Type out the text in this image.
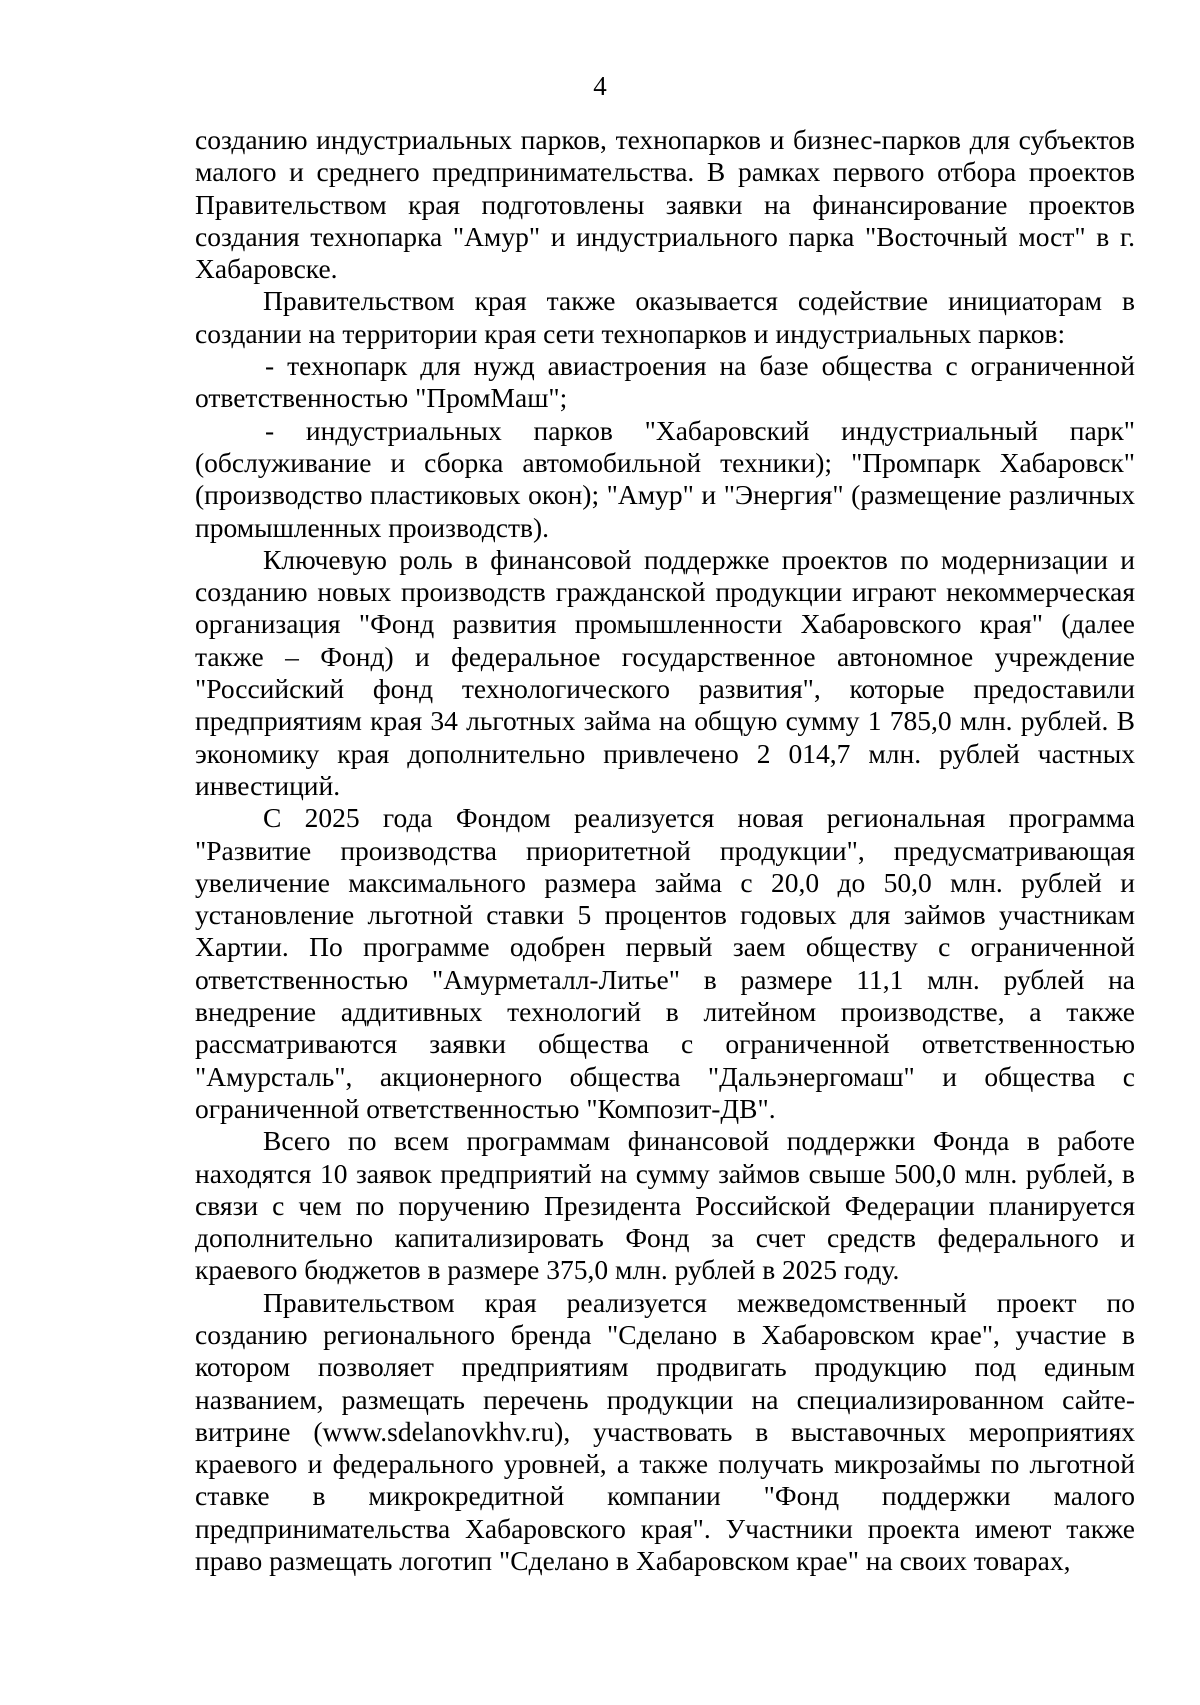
4

созданию индустриальных парков, технопарков и бизнес-парков для субъектов малого и среднего предпринимательства. В рамках первого отбора проектов Правительством края подготовлены заявки на финансирование проектов создания технопарка "Амур" и индустриального парка "Восточный мост" в г. Хабаровске.

Правительством края также оказывается содействие инициаторам в создании на территории края сети технопарков и индустриальных парков:

- технопарк для нужд авиастроения на базе общества с ограниченной ответственностью "ПромМаш";

- индустриальных парков "Хабаровский индустриальный парк" (обслуживание и сборка автомобильной техники); "Промпарк Хабаровск" (производство пластиковых окон); "Амур" и "Энергия" (размещение различных промышленных производств).

Ключевую роль в финансовой поддержке проектов по модернизации и созданию новых производств гражданской продукции играют некоммерческая организация "Фонд развития промышленности Хабаровского края" (далее также – Фонд) и федеральное государственное автономное учреждение "Российский фонд технологического развития", которые предоставили предприятиям края 34 льготных займа на общую сумму 1 785,0 млн. рублей. В экономику края дополнительно привлечено 2 014,7 млн. рублей частных инвестиций.

С 2025 года Фондом реализуется новая региональная программа "Развитие производства приоритетной продукции", предусматривающая увеличение максимального размера займа с 20,0 до 50,0 млн. рублей и установление льготной ставки 5 процентов годовых для займов участникам Хартии. По программе одобрен первый заем обществу с ограниченной ответственностью "Амурметалл-Литье" в размере 11,1 млн. рублей на внедрение аддитивных технологий в литейном производстве, а также рассматриваются заявки общества с ограниченной ответственностью "Амурсталь", акционерного общества "Дальэнергомаш" и общества с ограниченной ответственностью "Композит-ДВ".

Всего по всем программам финансовой поддержки Фонда в работе находятся 10 заявок предприятий на сумму займов свыше 500,0 млн. рублей, в связи с чем по поручению Президента Российской Федерации планируется дополнительно капитализировать Фонд за счет средств федерального и краевого бюджетов в размере 375,0 млн. рублей в 2025 году.

Правительством края реализуется межведомственный проект по созданию регионального бренда "Сделано в Хабаровском крае", участие в котором позволяет предприятиям продвигать продукцию под единым названием, размещать перечень продукции на специализированном сайте-витрине (www.sdelanovkhv.ru), участвовать в выставочных мероприятиях краевого и федерального уровней, а также получать микрозаймы по льготной ставке в микрокредитной компании "Фонд поддержки малого предпринимательства Хабаровского края". Участники проекта имеют также право размещать логотип "Сделано в Хабаровском крае" на своих товарах,
